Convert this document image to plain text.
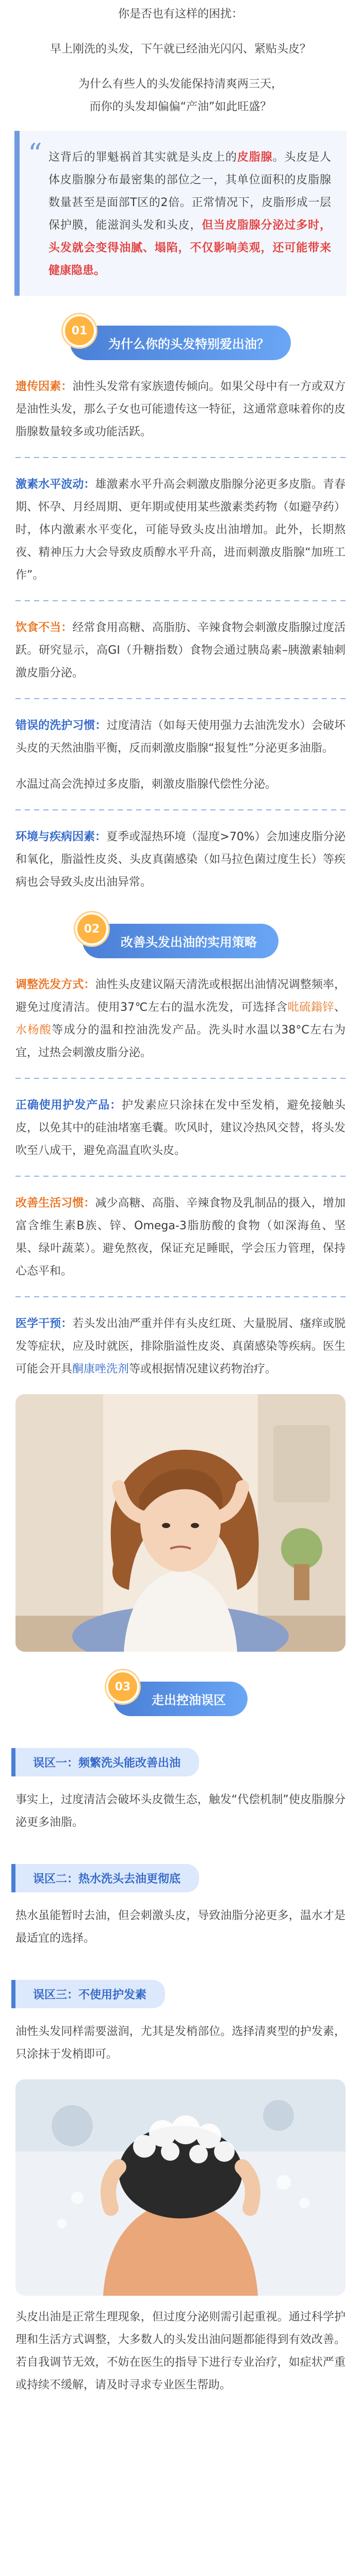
你是否也有这样的困扰：

早上刚洗的头发，下午就已经油光闪闪、紧贴头皮？

为什么有些人的头发能保持清爽两三天，

而你的头发却偏偏“产油”如此旺盛？

“ 这背后的罪魁祸首其实就是头皮上的皮脂腺。头皮是人体皮脂腺分布最密集的部位之一，其单位面积的皮脂腺数量甚至是面部T区的2倍。正常情况下，皮脂形成一层保护膜，能滋润头发和头皮，但当皮脂腺分泌过多时，头发就会变得油腻、塌陷，不仅影响美观，还可能带来健康隐患。

01
为什么你的头发特别爱出油？

遗传因素：油性头发常有家族遗传倾向。如果父母中有一方或双方是油性头发，那么子女也可能遗传这一特征，这通常意味着你的皮脂腺数量较多或功能活跃。

激素水平波动：雄激素水平升高会刺激皮脂腺分泌更多皮脂。青春期、怀孕、月经周期、更年期或使用某些激素类药物（如避孕药）时，体内激素水平变化，可能导致头皮出油增加。此外，长期熬夜、精神压力大会导致皮质醇水平升高，进而刺激皮脂腺“加班工作”。

饮食不当：经常食用高糖、高脂肪、辛辣食物会刺激皮脂腺过度活跃。研究显示，高GI（升糖指数）食物会通过胰岛素–胰激素轴刺激皮脂分泌。

错误的洗护习惯：过度清洁（如每天使用强力去油洗发水）会破坏头皮的天然油脂平衡，反而刺激皮脂腺“报复性”分泌更多油脂。

水温过高会洗掉过多皮脂，刺激皮脂腺代偿性分泌。

环境与疾病因素：夏季或湿热环境（湿度>70%）会加速皮脂分泌和氧化，脂溢性皮炎、头皮真菌感染（如马拉色菌过度生长）等疾病也会导致头皮出油异常。

02
改善头发出油的实用策略

调整洗发方式：油性头皮建议隔天清洗或根据出油情况调整频率，避免过度清洁。使用37℃左右的温水洗发，可选择含吡硫鎓锌、水杨酸等成分的温和控油洗发产品。洗头时水温以38°C左右为宜，过热会刺激皮脂分泌。

正确使用护发产品：护发素应只涂抹在发中至发梢，避免接触头皮，以免其中的硅油堵塞毛囊。吹风时，建议冷热风交替，将头发吹至八成干，避免高温直吹头皮。

改善生活习惯：减少高糖、高脂、辛辣食物及乳制品的摄入，增加富含维生素B族、锌、Omega-3脂肪酸的食物（如深海鱼、坚果、绿叶蔬菜）。避免熬夜，保证充足睡眠，学会压力管理，保持心态平和。

医学干预：若头发出油严重并伴有头皮红斑、大量脱屑、瘙痒或脱发等症状，应及时就医，排除脂溢性皮炎、真菌感染等疾病。医生可能会开具酮康唑洗剂等或根据情况建议药物治疗。

03
走出控油误区
误区一：频繁洗头能改善出油

事实上，过度清洁会破坏头皮微生态，触发“代偿机制”使皮脂腺分泌更多油脂。

误区二：热水洗头去油更彻底

热水虽能暂时去油，但会刺激头皮，导致油脂分泌更多，温水才是最适宜的选择。

误区三：不使用护发素

油性头发同样需要滋润，尤其是发梢部位。选择清爽型的护发素，只涂抹于发梢即可。

头皮出油是正常生理现象，但过度分泌则需引起重视。通过科学护理和生活方式调整，大多数人的头发出油问题都能得到有效改善。若自我调节无效，不妨在医生的指导下进行专业治疗，如症状严重或持续不缓解，请及时寻求专业医生帮助。
